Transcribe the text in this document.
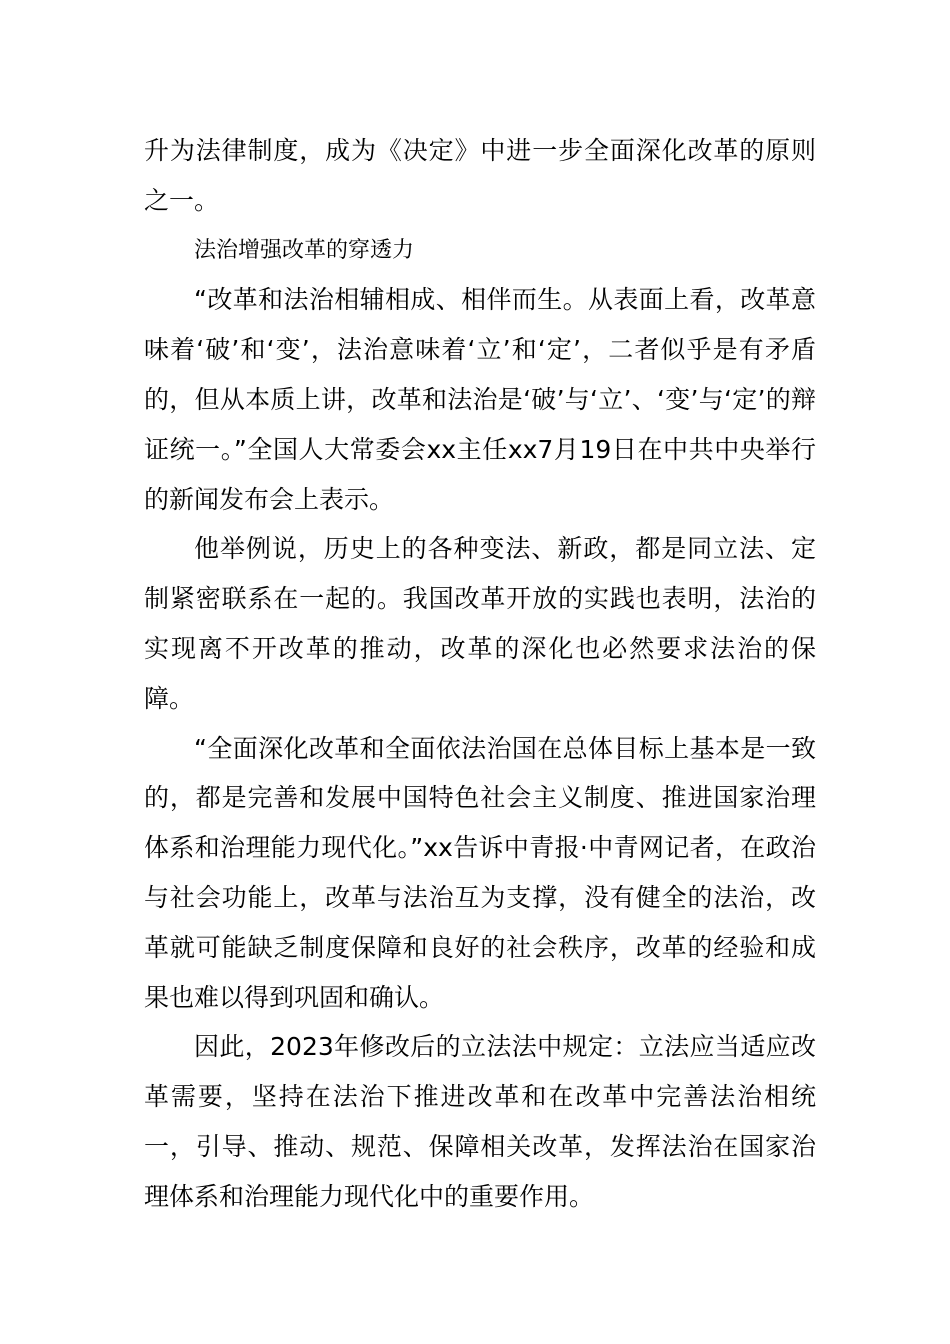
升为法律制度，成为《决定》中进一步全面深化改革的原则之一。

法治增强改革的穿透力

“改革和法治相辅相成、相伴而生。从表面上看，改革意味着‘破’和‘变’，法治意味着‘立’和‘定’，二者似乎是有矛盾的，但从本质上讲，改革和法治是‘破’与‘立’、‘变’与‘定’的辩证统一。”全国人大常委会xx主任xx7月19日在中共中央举行的新闻发布会上表示。

他举例说，历史上的各种变法、新政，都是同立法、定制紧密联系在一起的。我国改革开放的实践也表明，法治的实现离不开改革的推动，改革的深化也必然要求法治的保障。

“全面深化改革和全面依法治国在总体目标上基本是一致的，都是完善和发展中国特色社会主义制度、推进国家治理体系和治理能力现代化。”xx告诉中青报·中青网记者，在政治与社会功能上，改革与法治互为支撑，没有健全的法治，改革就可能缺乏制度保障和良好的社会秩序，改革的经验和成果也难以得到巩固和确认。

因此，2023年修改后的立法法中规定：立法应当适应改革需要，坚持在法治下推进改革和在改革中完善法治相统一，引导、推动、规范、保障相关改革，发挥法治在国家治理体系和治理能力现代化中的重要作用。
